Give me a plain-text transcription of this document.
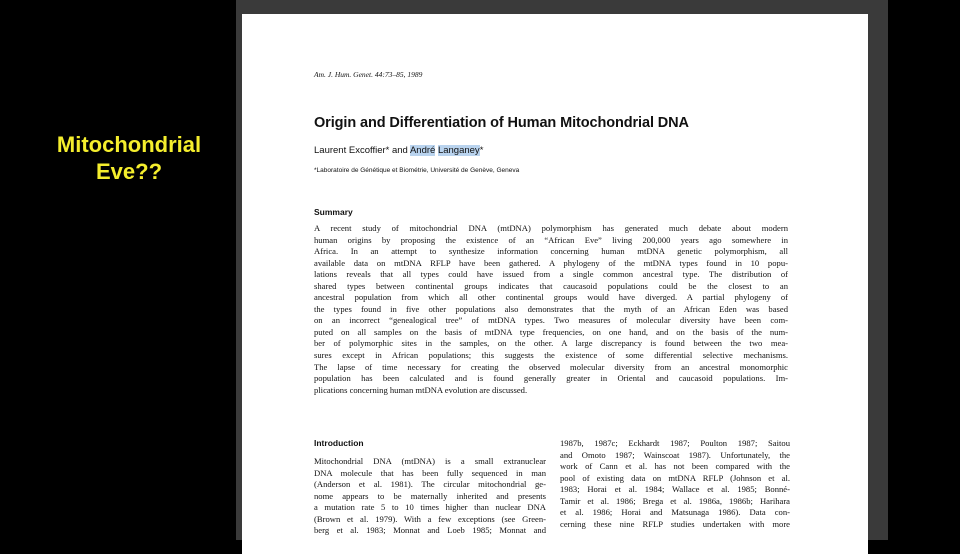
Mitochondrial
Eve??
Am. J. Hum. Genet. 44:73–85, 1989
Origin and Differentiation of Human Mitochondrial DNA
Laurent Excoffier* and André Langaney*
*Laboratoire de Génétique et Biométrie, Université de Genève, Geneva
Summary
A recent study of mitochondrial DNA (mtDNA) polymorphism has generated much debate about modern
human origins by proposing the existence of an “African Eve” living 200,000 years ago somewhere in
Africa. In an attempt to synthesize information concerning human mtDNA genetic polymorphism, all
available data on mtDNA RFLP have been gathered. A phylogeny of the mtDNA types found in 10 popu-
lations reveals that all types could have issued from a single common ancestral type. The distribution of
shared types between continental groups indicates that caucasoid populations could be the closest to an
ancestral population from which all other continental groups would have diverged. A partial phylogeny of
the types found in five other populations also demonstrates that the myth of an African Eden was based
on an incorrect “genealogical tree” of mtDNA types. Two measures of molecular diversity have been com-
puted on all samples on the basis of mtDNA type frequencies, on one hand, and on the basis of the num-
ber of polymorphic sites in the samples, on the other. A large discrepancy is found between the two mea-
sures except in African populations; this suggests the existence of some differential selective mechanisms.
The lapse of time necessary for creating the observed molecular diversity from an ancestral monomorphic
population has been calculated and is found generally greater in Oriental and caucasoid populations. Im-
plications concerning human mtDNA evolution are discussed.
Introduction
Mitochondrial DNA (mtDNA) is a small extranuclear
DNA molecule that has been fully sequenced in man
(Anderson et al. 1981). The circular mitochondrial ge-
nome appears to be maternally inherited and presents
a mutation rate 5 to 10 times higher than nuclear DNA
(Brown et al. 1979). With a few exceptions (see Green-
berg et al. 1983; Monnat and Loeb 1985; Monnat and
1987b, 1987c; Eckhardt 1987; Poulton 1987; Saitou
and Omoto 1987; Wainscoat 1987). Unfortunately, the
work of Cann et al. has not been compared with the
pool of existing data on mtDNA RFLP (Johnson et al.
1983; Horai et al. 1984; Wallace et al. 1985; Bonné-
Tamir et al. 1986; Brega et al. 1986a, 1986b; Harihara
et al. 1986; Horai and Matsunaga 1986). Data con-
cerning these nine RFLP studies undertaken with more
